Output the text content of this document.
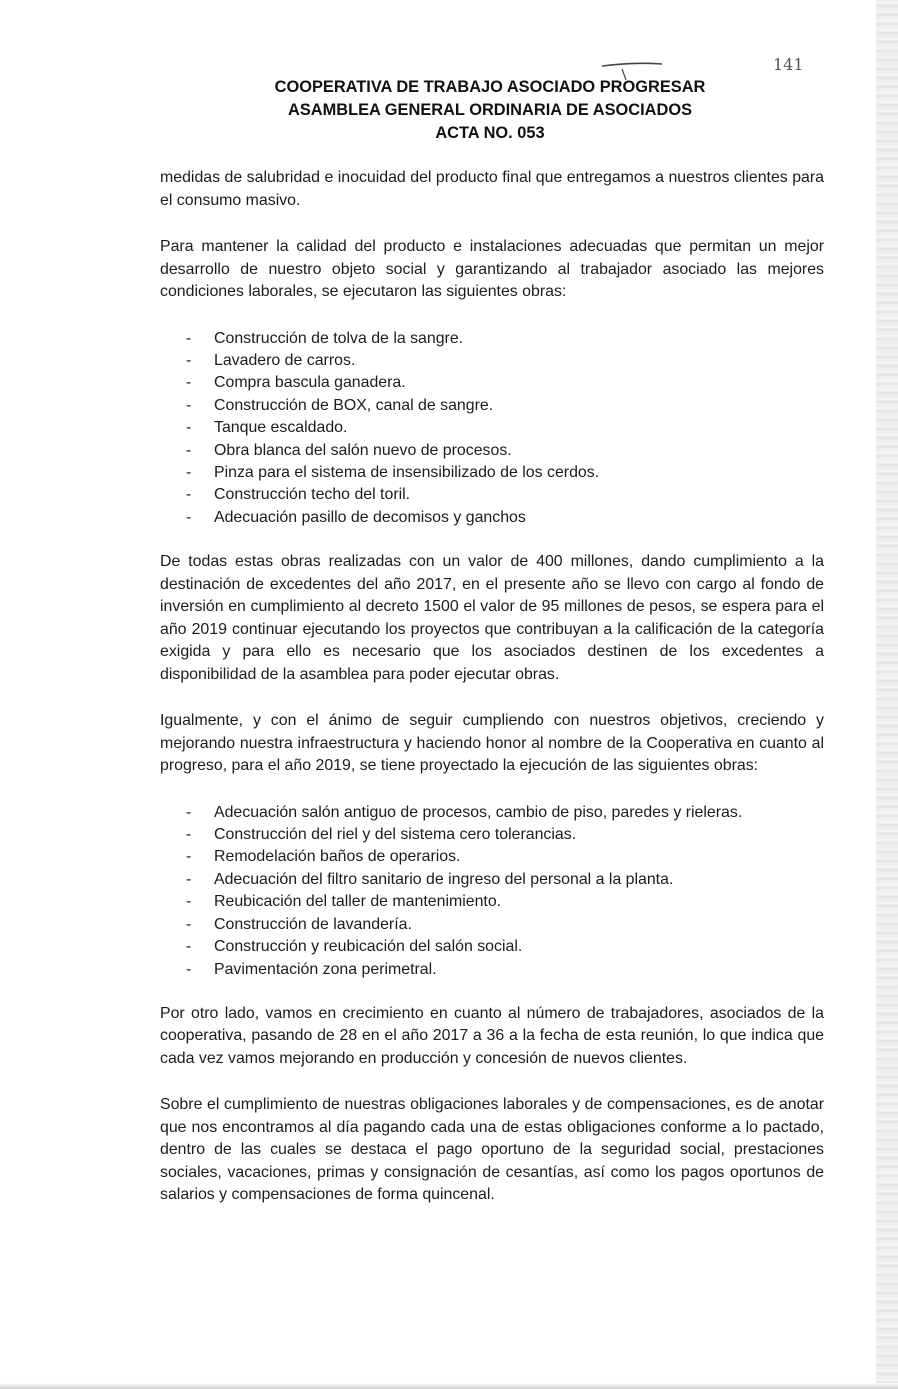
141
COOPERATIVA DE TRABAJO ASOCIADO PROGRESAR
ASAMBLEA GENERAL ORDINARIA DE ASOCIADOS
ACTA NO. 053

medidas de salubridad e inocuidad del producto final que entregamos a nuestros clientes para el consumo masivo.

Para mantener la calidad del producto e instalaciones adecuadas que permitan un mejor desarrollo de nuestro objeto social y garantizando al trabajador asociado las mejores condiciones laborales, se ejecutaron las siguientes obras:

- Construcción de tolva de la sangre.
- Lavadero de carros.
- Compra bascula ganadera.
- Construcción de BOX, canal de sangre.
- Tanque escaldado.
- Obra blanca del salón nuevo de procesos.
- Pinza para el sistema de insensibilizado de los cerdos.
- Construcción techo del toril.
- Adecuación pasillo de decomisos y ganchos

De todas estas obras realizadas con un valor de 400 millones, dando cumplimiento a la destinación de excedentes del año 2017, en el presente año se llevo con cargo al fondo de inversión en cumplimiento al decreto 1500 el valor de 95 millones de pesos, se espera para el año 2019 continuar ejecutando los proyectos que contribuyan a la calificación de la categoría exigida y para ello es necesario que los asociados destinen de los excedentes a disponibilidad de la asamblea para poder ejecutar obras.

Igualmente, y con el ánimo de seguir cumpliendo con nuestros objetivos, creciendo y mejorando nuestra infraestructura y haciendo honor al nombre de la Cooperativa en cuanto al progreso, para el año 2019, se tiene proyectado la ejecución de las siguientes obras:

- Adecuación salón antiguo de procesos, cambio de piso, paredes y rieleras.
- Construcción del riel y del sistema cero tolerancias.
- Remodelación baños de operarios.
- Adecuación del filtro sanitario de ingreso del personal a la planta.
- Reubicación del taller de mantenimiento.
- Construcción de lavandería.
- Construcción y reubicación del salón social.
- Pavimentación zona perimetral.

Por otro lado, vamos en crecimiento en cuanto al número de trabajadores, asociados de la cooperativa, pasando de 28 en el año 2017 a 36 a la fecha de esta reunión, lo que indica que cada vez vamos mejorando en producción y concesión de nuevos clientes.

Sobre el cumplimiento de nuestras obligaciones laborales y de compensaciones, es de anotar que nos encontramos al día pagando cada una de estas obligaciones conforme a lo pactado, dentro de las cuales se destaca el pago oportuno de la seguridad social, prestaciones sociales, vacaciones, primas y consignación de cesantías, así como los pagos oportunos de salarios y compensaciones de forma quincenal.
